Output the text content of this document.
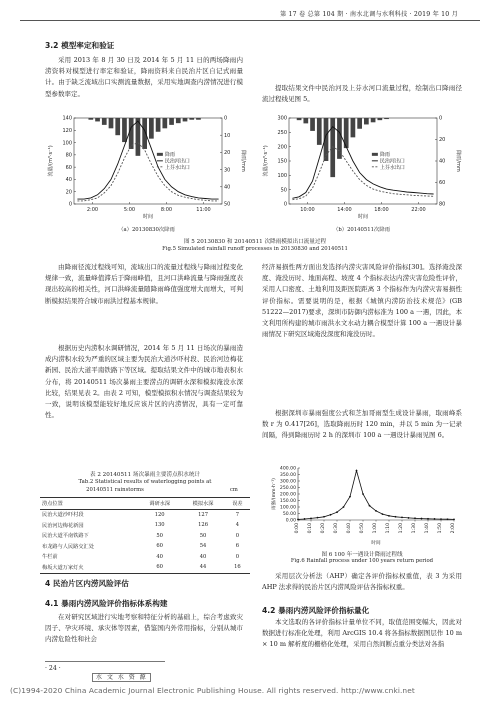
第 17 卷 总第 104 期 · 南水北调与水利科技 · 2019 年 10 月
3.2 模型率定和验证
采用 2013 年 8 月 30 日及 2014 年 5 月 11 日的两场降雨内涝资料对模型进行率定和验证，降雨资料来自民治片区自记式雨量计。由于缺乏流域出口实测流量数据，采用实地调查内涝情况进行模型参数率定。
提取结果文件中民治河及上芬水河口流量过程，绘制出口降雨径流过程线见图 5。
0
20
40
60
80
100
120
140	0
10
20
30
40
50
2:00	5:00	8:00	11:00
时间
流量/(m³·s⁻¹)	降雨/mm
降雨
民治河出口
上芬水出口
0
50
100
150
200
250
300	0
20
40
60
80
10:00	14:00	18:00	22:00
时间
流量/(m³·s⁻¹)	降雨/mm
降雨
民治河出口
上芬水出口
（a）20130830次降雨	（b）20140511次降雨
图 5 20130830 和 20140511 次降雨模拟出口流量过程
Fig.5 Simulated rainfall runoff processes in 20130830 and 20140511
由降雨径流过程线可知，流域出口的流量过程线与降雨过程变化规律一致，流量峰值滞后于降雨峰值，且河口洪峰流量与降雨强度表现出较高的相关性，河口洪峰流量随降雨峰值强度增大而增大，可判断模拟结果符合城市雨洪过程基本规律。
根据历史内涝积水调研情况，2014 年 5 月 11 日场次的暴雨造成内涝积水较为严重的区域主要为民治大道沙吓村段、民治河边梅花新园、民治大道平南铁路下等区域。提取结果文件中的城市地表积水分布，将 20140511 场次暴雨主要涝点的调研水深和模拟淹没水深比较，结果见表 2。由表 2 可知，模型模拟积水情况与调查结果较为一致，说明该模型能较好地反应该片区的内涝情况，具有一定可靠性。
表 2 20140511 场次暴雨主要涝点积水统计
Tab.2 Statistical results of waterlogging points at
20140511 rainstorms	cm
涝点位置	调研水深	模拟水深	误差
民治大道沙吓村段	120	127	7
民治河边梅花新园	130	126	4
民治大道平南铁路下	50	50	0
布龙路与人民路交汇处	60	54	6
牛栏前	40	40	0
梅坂大道万家灯火	60	44	16
4 民治片区内涝风险评估
4.1 暴雨内涝风险评价指标体系构建
在对研究区域进行实地考察和特征分析的基础上，综合考虑致灾因子、孕灾环境、承灾体等因素，借鉴国内外常用指标，分别从城市内涝危险性和社会
经济易损性两方面出发选择内涝灾害风险评价指标[30]。选择淹没深度、淹没历时、地面高程、坡度 4 个指标表达内涝灾害危险性评价，采用人口密度、土地利用及距医院距离 3 个指标作为内涝灾害易损性评价指标。需要说明的是，根据《城镇内涝防治技术规范》(GB 51222—2017)要求，深圳市防御内涝标准为 100 a 一遇，因此，本文利用所构建的城市雨洪水文水动力耦合模型计算 100 a 一遇设计暴雨情况下研究区域淹没深度和淹没历时。
根据深圳市暴雨强度公式和芝加哥雨型生成设计暴雨，取雨峰系数 r 为 0.417[26]，选取降雨历时 120 min，并以 5 min 为一记录间隔，得到降雨历时 2 h 的深圳市 100 a 一遇设计暴雨见图 6。
0.00
50.00
100.00
150.00
200.00
250.00
300.00
350.00
400.00
0:00 0:10 0:20 0:30 0:40 0:50 1:00 1:10 1:20 1:30 1:40 1:50 2:00
时间
雨强/(mm·h⁻¹)
图 6 100 年一遇设计降雨过程线
Fig.6 Rainfall process under 100 years return period
采用层次分析法（AHP）确定各评价指标权重值，表 3 为采用 AHP 法求得的民治片区内涝风险评估各指标权重。
4.2 暴雨内涝风险评价指标量化
本文选取的各评价指标计量单位不同，取值范围变幅大，因此对数据进行标准化处理，利用 ArcGIS 10.4 将各指标数据图层作 10 m × 10 m 解析度的栅格化处理，采用自然间断点重分类法对各指
· 24 ·
水 文 水 资 源
(C)1994-2020 China Academic Journal Electronic Publishing House. All rights reserved. http://www.cnki.net
